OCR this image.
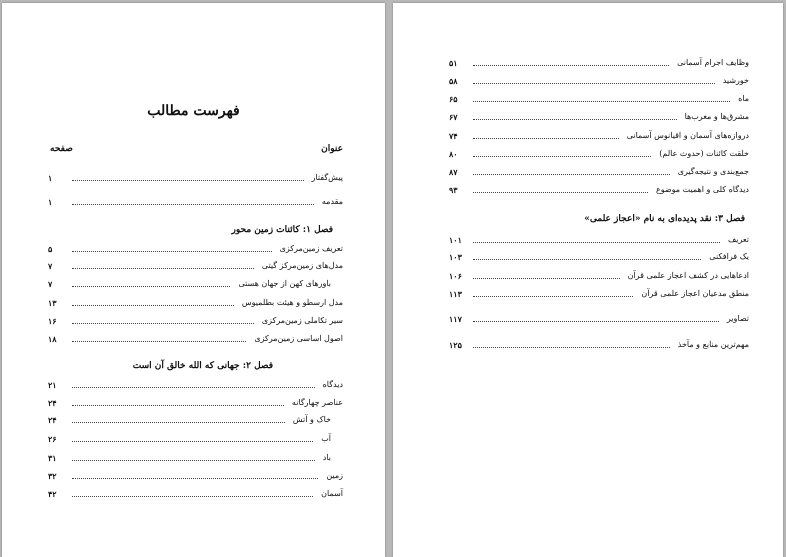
فهرست مطالب
عنوان
صفحه
فصل ۱: کائنات زمین محور
فصل ۲: جهانی که الله خالق آن است
پیش‌گفتار
۱
مقدمه
۱
تعریف زمین‌مرکزی
۵
مدل‌های زمین‌مرکز گیتی
۷
باورهای کهن از جهان هستی
۷
مدل ارسطو و هیئت بطلمیوس
۱۳
سیر تکاملی زمین‌مرکزی
۱۶
اصول اساسی زمین‌مرکزی
۱۸
دیدگاه
۲۱
عناصر چهارگانه
۲۴
خاک و آتش
۲۴
آب
۲۶
باد
۳۱
زمین
۳۲
آسمان
۴۲
فصل ۳: نقد پدیده‌ای به نام «اعجاز علمی»
وظایف اجرام آسمانی
۵۱
خورشید
۵۸
ماه
۶۵
مشرق‌ها و مغرب‌ها
۶۷
دروازه‌های آسمان و اقیانوس آسمانی
۷۴
خلقت کائنات (حدوث عالم)
۸۰
جمع‌بندی و نتیجه‌گیری
۸۷
دیدگاه کلی و اهمیت موضوع
۹۳
تعریف
۱۰۱
یک فرافکنی
۱۰۳
ادعاهایی در کشف اعجاز علمی قرآن
۱۰۶
منطق مدعیان اعجاز علمی قرآن
۱۱۳
تصاویر
۱۱۷
مهم‌ترین منابع و مآخذ
۱۲۵
